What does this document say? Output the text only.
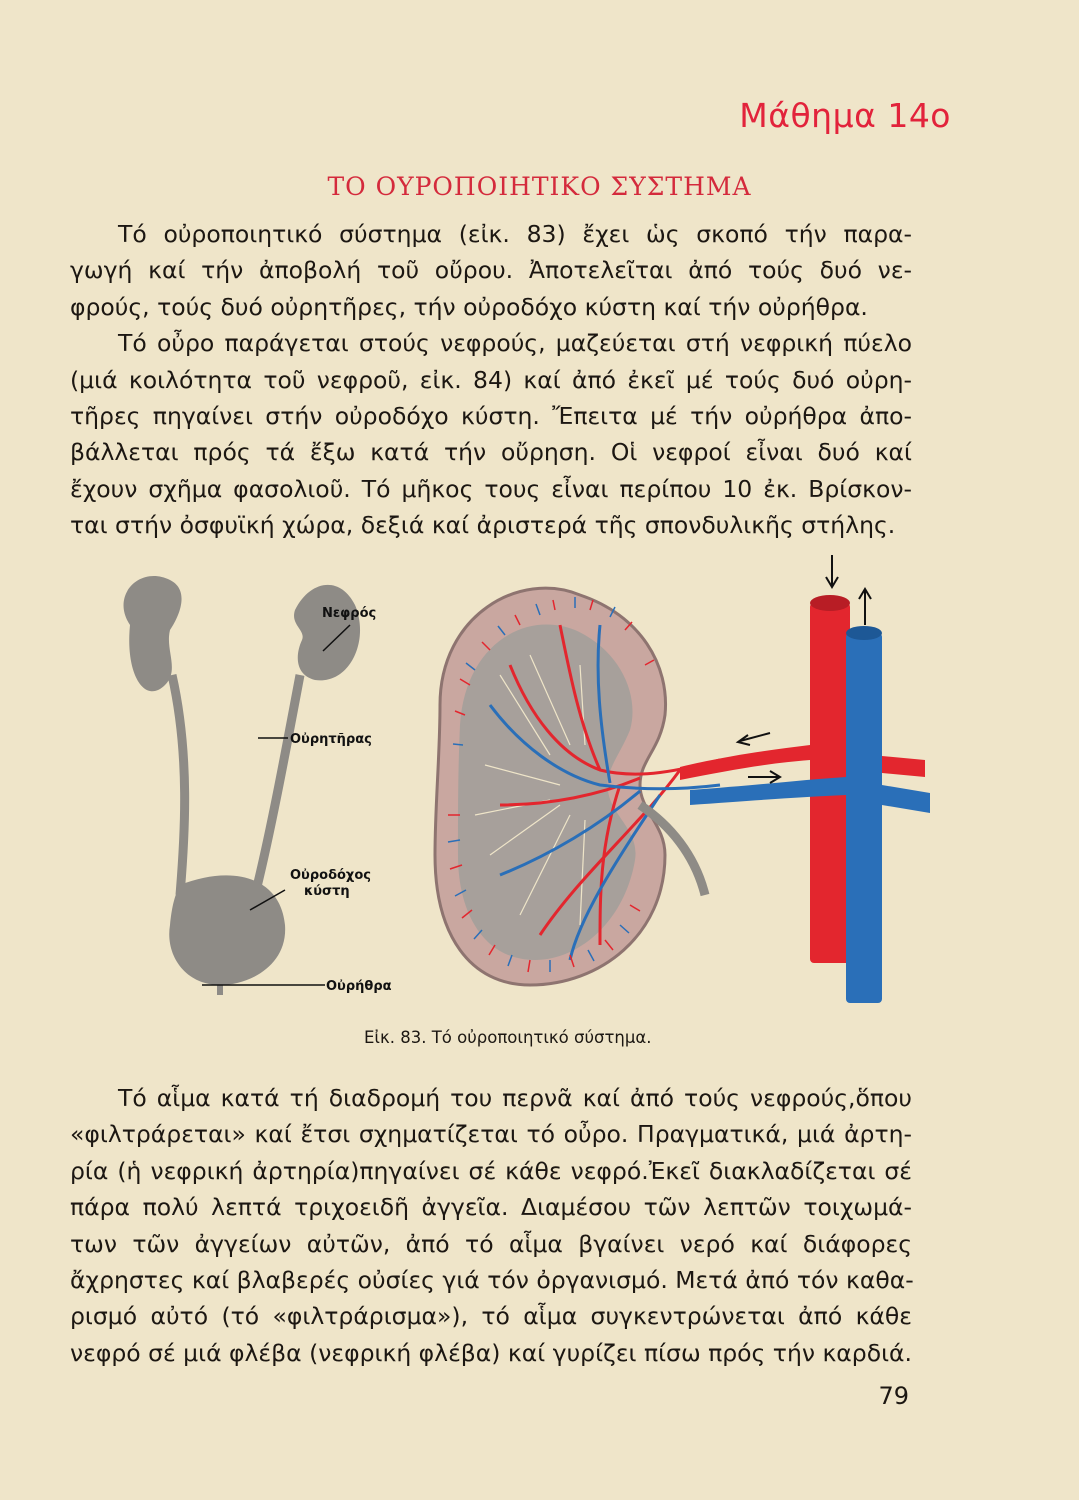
Μάθημα 14ο
ΤΟ ΟΥΡΟΠΟΙΗΤΙΚΟ ΣΥΣΤΗΜΑ
Τό οὐροποιητικό σύστημα (εἰκ. 83) ἔχει ὡς σκοπό τήν παρα-
γωγή καί τήν ἀποβολή τοῦ οὔρου. Ἀποτελεῖται ἀπό τούς δυό νε-
φρούς, τούς δυό οὐρητῆρες, τήν οὐροδόχο κύστη καί τήν οὐρήθρα.
Τό οὖρο παράγεται στούς νεφρούς, μαζεύεται στή νεφρική πύελο
(μιά κοιλότητα τοῦ νεφροῦ, εἰκ. 84) καί ἀπό ἐκεῖ μέ τούς δυό οὐρη-
τῆρες πηγαίνει στήν οὐροδόχο κύστη. Ἔπειτα μέ τήν οὐρήθρα ἀπο-
βάλλεται πρός τά ἔξω κατά τήν οὔρηση. Οἱ νεφροί εἶναι δυό καί
ἔχουν σχῆμα φασολιοῦ. Τό μῆκος τους εἶναι περίπου 10 ἐκ. Βρίσκον-
ται στήν ὀσφυϊκή χώρα, δεξιά καί ἀριστερά τῆς σπονδυλικῆς στήλης.
Νεφρός
Οὐρητῆρας
Οὐροδόχος
κύστη
Οὐρήθρα
Εἰκ. 83. Τό οὐροποιητικό σύστημα.
Τό αἷμα κατά τή διαδρομή του περνᾶ καί ἀπό τούς νεφρούς,ὅπου
«φιλτράρεται» καί ἔτσι σχηματίζεται τό οὖρο. Πραγματικά, μιά ἀρτη-
ρία (ἡ νεφρική ἀρτηρία)πηγαίνει σέ κάθε νεφρό.Ἐκεῖ διακλαδίζεται σέ
πάρα πολύ λεπτά τριχοειδῆ ἀγγεῖα. Διαμέσου τῶν λεπτῶν τοιχωμά-
των τῶν ἀγγείων αὐτῶν, ἀπό τό αἷμα βγαίνει νερό καί διάφορες
ἄχρηστες καί βλαβερές οὐσίες γιά τόν ὀργανισμό. Μετά ἀπό τόν καθα-
ρισμό αὐτό (τό «φιλτράρισμα»), τό αἷμα συγκεντρώνεται ἀπό κάθε
νεφρό σέ μιά φλέβα (νεφρική φλέβα) καί γυρίζει πίσω πρός τήν καρδιά.
79
